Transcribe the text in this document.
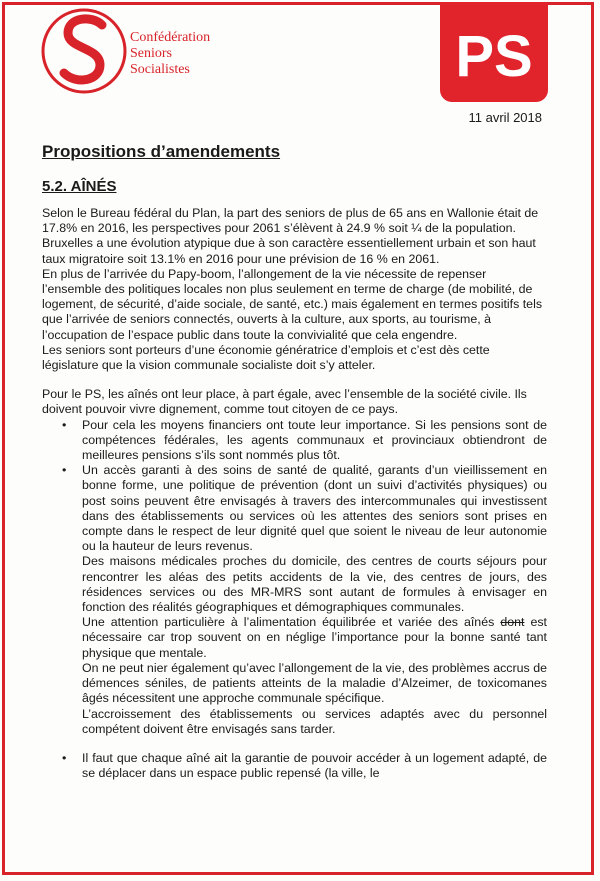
Confédération
Seniors
Socialistes	PS
11 avril 2018
Propositions d’amendements
5.2. AÎNÉS

Selon le Bureau fédéral du Plan, la part des seniors de plus de 65 ans en Wallonie était de 17.8% en 2016, les perspectives pour 2061 s’élèvent à 24.9 % soit ¼ de la population. Bruxelles a une évolution atypique due à son caractère essentiellement urbain et son haut taux migratoire soit 13.1% en 2016 pour une prévision de 16 % en 2061.

En plus de l’arrivée du Papy-boom, l’allongement de la vie nécessite de repenser l’ensemble des politiques locales non plus seulement en terme de charge (de mobilité, de logement, de sécurité, d’aide sociale, de santé, etc.) mais également en termes positifs tels que l’arrivée de seniors connectés, ouverts à la culture, aux sports, au tourisme, à l’occupation de l’espace public dans toute la convivialité que cela engendre.

Les seniors sont porteurs d’une économie génératrice d’emplois et c’est dès cette législature que la vision communale socialiste doit s’y atteler.

Pour le PS, les aînés ont leur place, à part égale, avec l’ensemble de la société civile. Ils doivent pouvoir vivre dignement, comme tout citoyen de ce pays.

• Pour cela les moyens financiers ont toute leur importance. Si les pensions sont de compétences fédérales, les agents communaux et provinciaux obtiendront de meilleures pensions s’ils sont nommés plus tôt.

• Un accès garanti à des soins de santé de qualité, garants d’un vieillissement en bonne forme, une politique de prévention (dont un suivi d’activités physiques) ou post soins peuvent être envisagés à travers des intercommunales qui investissent dans des établissements ou services où les attentes des seniors sont prises en compte dans le respect de leur dignité quel que soient le niveau de leur autonomie ou la hauteur de leurs revenus.

Des maisons médicales proches du domicile, des centres de courts séjours pour rencontrer les aléas des petits accidents de la vie, des centres de jours, des résidences services ou des MR-MRS sont autant de formules à envisager en fonction des réalités géographiques et démographiques communales.

Une attention particulière à l’alimentation équilibrée et variée des aînés dont est nécessaire car trop souvent on en néglige l’importance pour la bonne santé tant physique que mentale.

On ne peut nier également qu’avec l’allongement de la vie, des problèmes accrus de démences séniles, de patients atteints de la maladie d’Alzeimer, de toxicomanes âgés nécessitent une approche communale spécifique.

L’accroissement des établissements ou services adaptés avec du personnel compétent doivent être envisagés sans tarder.

• Il faut que chaque aîné ait la garantie de pouvoir accéder à un logement adapté, de se déplacer dans un espace public repensé (la ville, le
